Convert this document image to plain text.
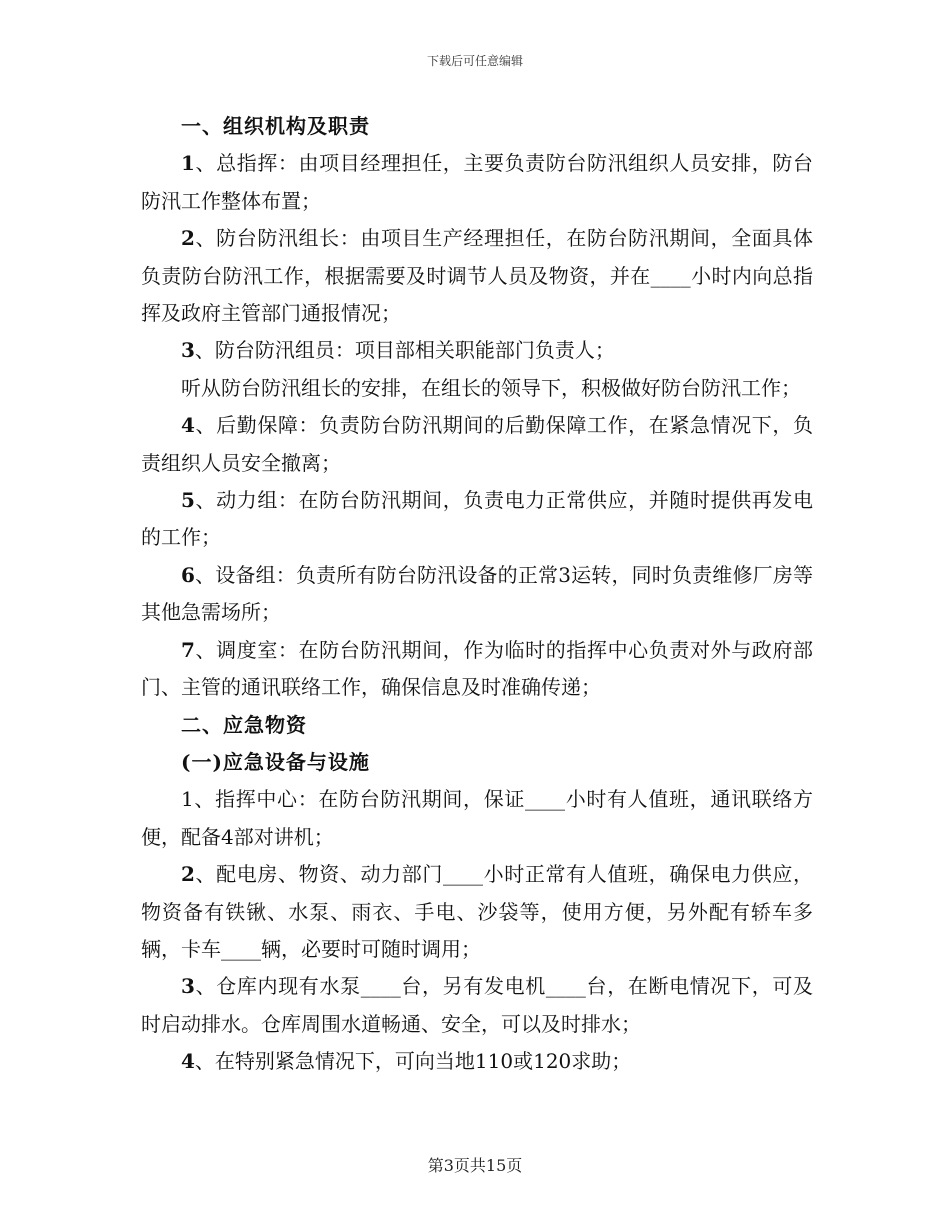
下载后可任意编辑

一、组织机构及职责

1、总指挥：由项目经理担任，主要负责防台防汛组织人员安排，防台防汛工作整体布置；

2、防台防汛组长：由项目生产经理担任，在防台防汛期间，全面具体负责防台防汛工作，根据需要及时调节人员及物资，并在____小时内向总指挥及政府主管部门通报情况；

3、防台防汛组员：项目部相关职能部门负责人；

听从防台防汛组长的安排，在组长的领导下，积极做好防台防汛工作；

4、后勤保障：负责防台防汛期间的后勤保障工作，在紧急情况下，负责组织人员安全撤离；

5、动力组：在防台防汛期间，负责电力正常供应，并随时提供再发电的工作；

6、设备组：负责所有防台防汛设备的正常3运转，同时负责维修厂房等其他急需场所；

7、调度室：在防台防汛期间，作为临时的指挥中心负责对外与政府部门、主管的通讯联络工作，确保信息及时准确传递；

二、应急物资

(一)应急设备与设施

1、指挥中心：在防台防汛期间，保证____小时有人值班，通讯联络方便，配备4部对讲机；

2、配电房、物资、动力部门____小时正常有人值班，确保电力供应，物资备有铁锹、水泵、雨衣、手电、沙袋等，使用方便，另外配有轿车多辆，卡车____辆，必要时可随时调用；

3、仓库内现有水泵____台，另有发电机____台，在断电情况下，可及时启动排水。仓库周围水道畅通、安全，可以及时排水；

4、在特别紧急情况下，可向当地110或120求助；

第3页共15页
